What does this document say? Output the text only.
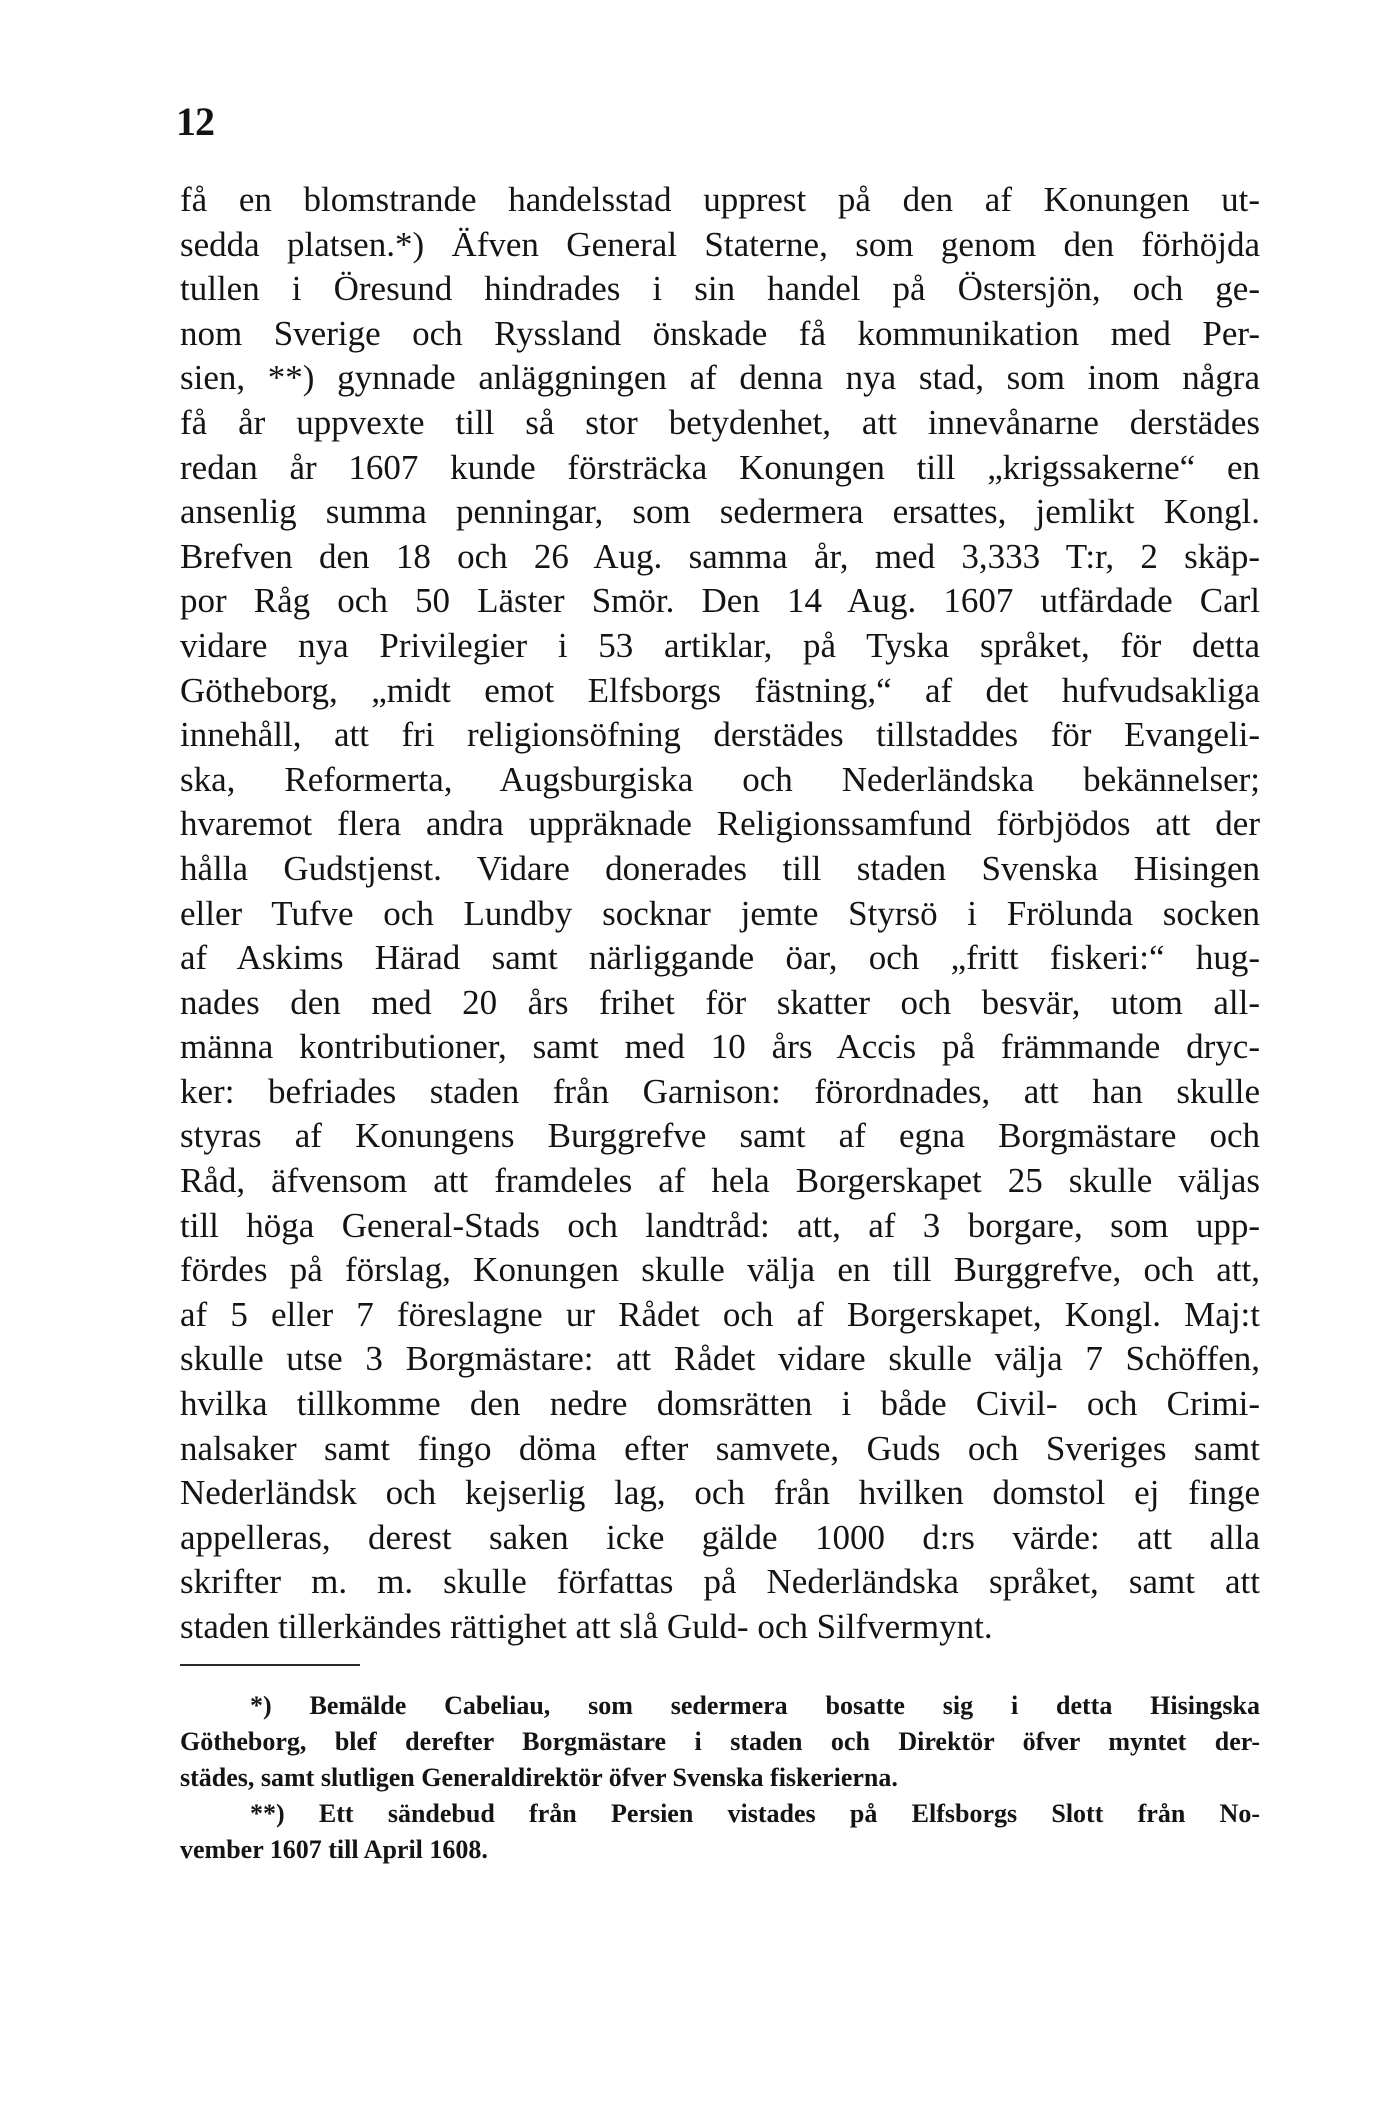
12
få en blomstrande handelsstad upprest på den af Konungen ut-
sedda platsen.*) Äfven General Staterne, som genom den förhöjda
tullen i Öresund hindrades i sin handel på Östersjön, och ge-
nom Sverige och Ryssland önskade få kommunikation med Per-
sien, **) gynnade anläggningen af denna nya stad, som inom några
få år uppvexte till så stor betydenhet, att innevånarne derstädes
redan år 1607 kunde försträcka Konungen till „krigssakerne“ en
ansenlig summa penningar, som sedermera ersattes, jemlikt Kongl.
Brefven den 18 och 26 Aug. samma år, med 3,333 T:r, 2 skäp-
por Råg och 50 Läster Smör. Den 14 Aug. 1607 utfärdade Carl
vidare nya Privilegier i 53 artiklar, på Tyska språket, för detta
Götheborg, „midt emot Elfsborgs fästning,“ af det hufvudsakliga
innehåll, att fri religionsöfning derstädes tillstaddes för Evangeli-
ska, Reformerta, Augsburgiska och Nederländska bekännelser;
hvaremot flera andra uppräknade Religionssamfund förbjödos att der
hålla Gudstjenst. Vidare donerades till staden Svenska Hisingen
eller Tufve och Lundby socknar jemte Styrsö i Frölunda socken
af Askims Härad samt närliggande öar, och „fritt fiskeri:“ hug-
nades den med 20 års frihet för skatter och besvär, utom all-
männa kontributioner, samt med 10 års Accis på främmande dryc-
ker: befriades staden från Garnison: förordnades, att han skulle
styras af Konungens Burggrefve samt af egna Borgmästare och
Råd, äfvensom att framdeles af hela Borgerskapet 25 skulle väljas
till höga General-Stads och landtråd: att, af 3 borgare, som upp-
fördes på förslag, Konungen skulle välja en till Burggrefve, och att,
af 5 eller 7 föreslagne ur Rådet och af Borgerskapet, Kongl. Maj:t
skulle utse 3 Borgmästare: att Rådet vidare skulle välja 7 Schöffen,
hvilka tillkomme den nedre domsrätten i både Civil- och Crimi-
nalsaker samt fingo döma efter samvete, Guds och Sveriges samt
Nederländsk och kejserlig lag, och från hvilken domstol ej finge
appelleras, derest saken icke gälde 1000 d:rs värde: att alla
skrifter m. m. skulle författas på Nederländska språket, samt att
staden tillerkändes rättighet att slå Guld- och Silfvermynt.
*) Bemälde Cabeliau, som sedermera bosatte sig i detta Hisingska
Götheborg, blef derefter Borgmästare i staden och Direktör öfver myntet der-
städes, samt slutligen Generaldirektör öfver Svenska fiskerierna.
**) Ett sändebud från Persien vistades på Elfsborgs Slott från No-
vember 1607 till April 1608.
